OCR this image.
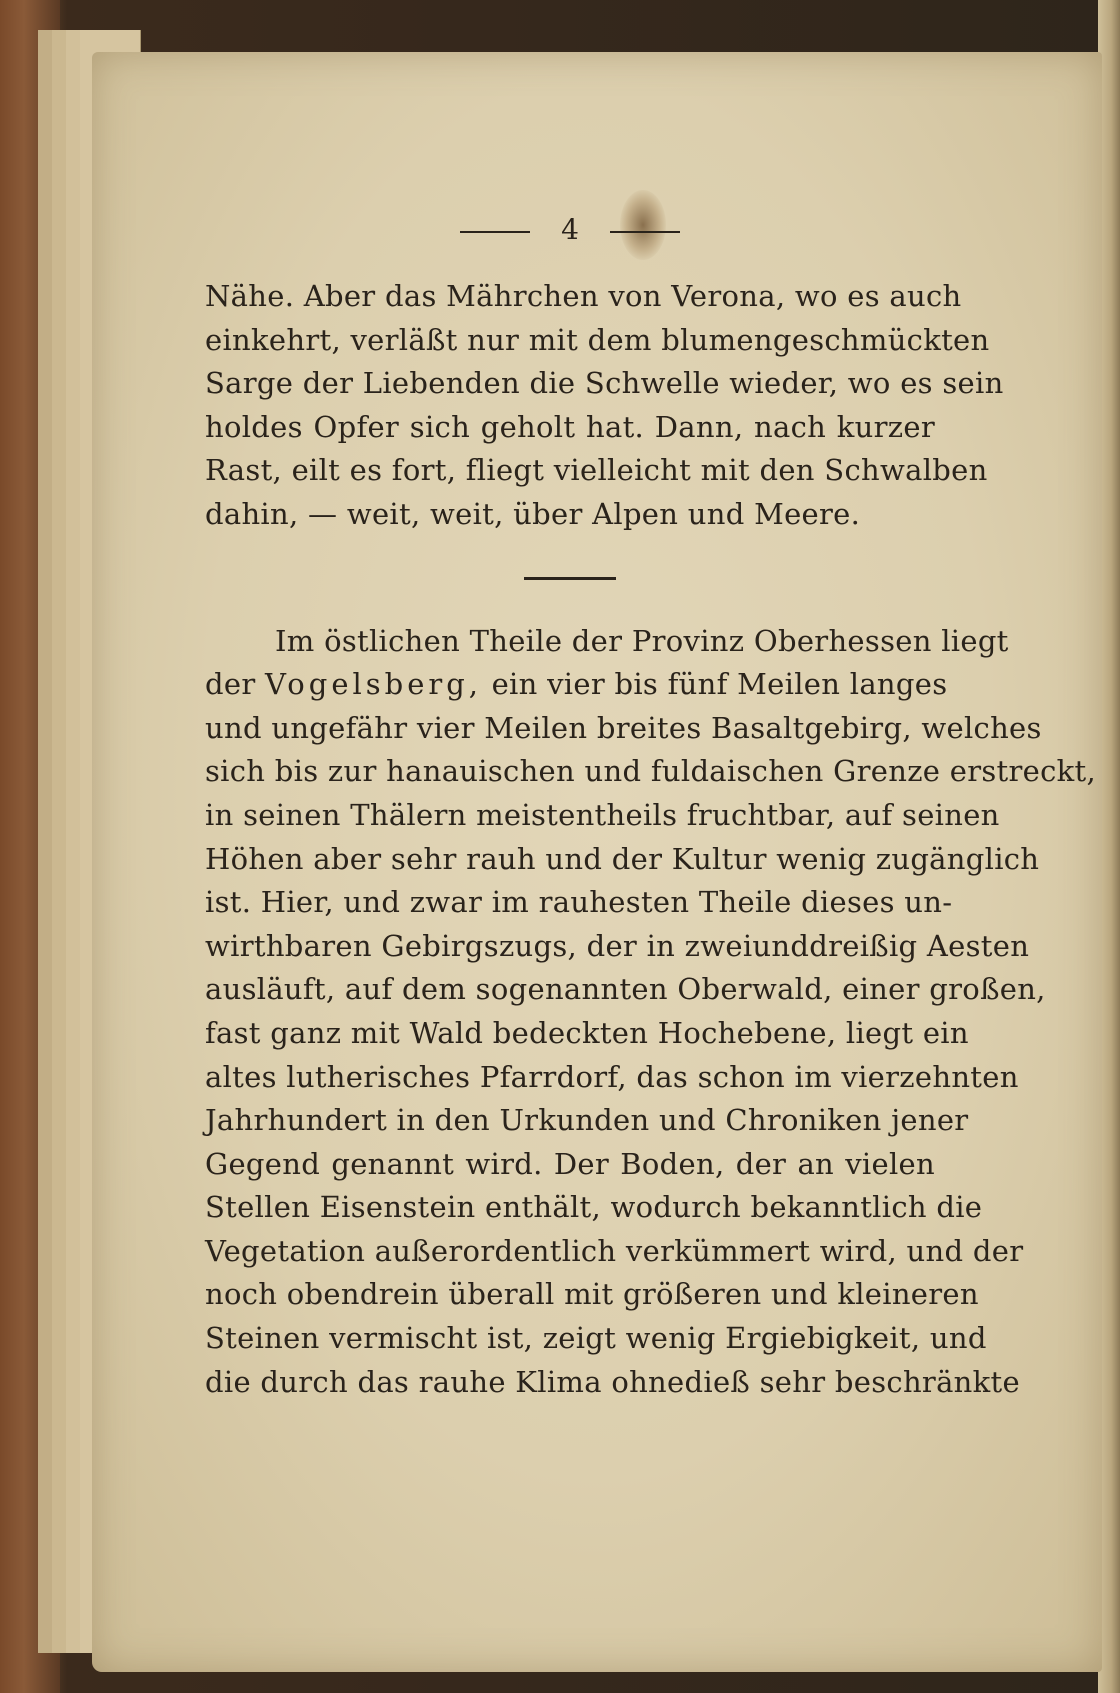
4
Nähe. Aber das Mährchen von Verona, wo es auch
einkehrt, verläßt nur mit dem blumengeschmückten
Sarge der Liebenden die Schwelle wieder, wo es sein
holdes Opfer sich geholt hat. Dann, nach kurzer
Rast, eilt es fort, fliegt vielleicht mit den Schwalben
dahin, — weit, weit, über Alpen und Meere.
Im östlichen Theile der Provinz Oberhessen liegt
der Vogelsberg, ein vier bis fünf Meilen langes
und ungefähr vier Meilen breites Basaltgebirg, welches
sich bis zur hanauischen und fuldaischen Grenze erstreckt,
in seinen Thälern meistentheils fruchtbar, auf seinen
Höhen aber sehr rauh und der Kultur wenig zugänglich
ist. Hier, und zwar im rauhesten Theile dieses un-
wirthbaren Gebirgszugs, der in zweiunddreißig Aesten
ausläuft, auf dem sogenannten Oberwald, einer großen,
fast ganz mit Wald bedeckten Hochebene, liegt ein
altes lutherisches Pfarrdorf, das schon im vierzehnten
Jahrhundert in den Urkunden und Chroniken jener
Gegend genannt wird. Der Boden, der an vielen
Stellen Eisenstein enthält, wodurch bekanntlich die
Vegetation außerordentlich verkümmert wird, und der
noch obendrein überall mit größeren und kleineren
Steinen vermischt ist, zeigt wenig Ergiebigkeit, und
die durch das rauhe Klima ohnedieß sehr beschränkte
